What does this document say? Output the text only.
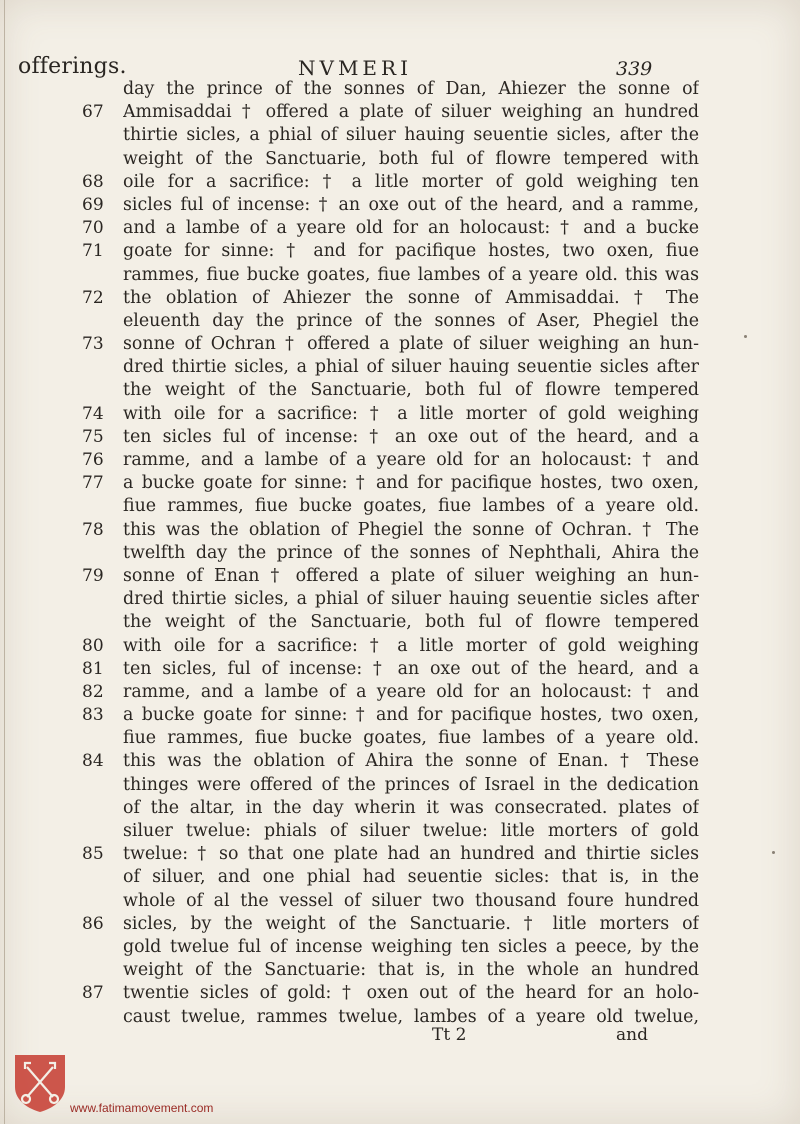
offerings.	NVMERI	339
day the prince of the sonnes of Dan, Ahiezer the sonne of
67	Ammisaddai † offered a plate of siluer weighing an hundred
thirtie sicles, a phial of siluer hauing seuentie sicles, after the
weight of the Sanctuarie, both ful of flowre tempered with
68	oile for a sacrifice: † a litle morter of gold weighing ten
69	sicles ful of incense: † an oxe out of the heard, and a ramme,
70	and a lambe of a yeare old for an holocaust: † and a bucke
71	goate for sinne: † and for pacifique hostes, two oxen, fiue
rammes, fiue bucke goates, fiue lambes of a yeare old. this was
72	the oblation of Ahiezer the sonne of Ammisaddai. † The
eleuenth day the prince of the sonnes of Aser, Phegiel the
73	sonne of Ochran † offered a plate of siluer weighing an hun-
dred thirtie sicles, a phial of siluer hauing seuentie sicles after
the weight of the Sanctuarie, both ful of flowre tempered
74	with oile for a sacrifice: † a litle morter of gold weighing
75	ten sicles ful of incense: † an oxe out of the heard, and a
76	ramme, and a lambe of a yeare old for an holocaust: † and
77	a bucke goate for sinne: † and for pacifique hostes, two oxen,
fiue rammes, fiue bucke goates, fiue lambes of a yeare old.
78	this was the oblation of Phegiel the sonne of Ochran. † The
twelfth day the prince of the sonnes of Nephthali, Ahira the
79	sonne of Enan † offered a plate of siluer weighing an hun-
dred thirtie sicles, a phial of siluer hauing seuentie sicles after
the weight of the Sanctuarie, both ful of flowre tempered
80	with oile for a sacrifice: † a litle morter of gold weighing
81	ten sicles, ful of incense: † an oxe out of the heard, and a
82	ramme, and a lambe of a yeare old for an holocaust: † and
83	a bucke goate for sinne: † and for pacifique hostes, two oxen,
fiue rammes, fiue bucke goates, fiue lambes of a yeare old.
84	this was the oblation of Ahira the sonne of Enan. † These
thinges were offered of the princes of Israel in the dedication
of the altar, in the day wherin it was consecrated. plates of
siluer twelue: phials of siluer twelue: litle morters of gold
85	twelue: † so that one plate had an hundred and thirtie sicles
of siluer, and one phial had seuentie sicles: that is, in the
whole of al the vessel of siluer two thousand foure hundred
86	sicles, by the weight of the Sanctuarie. † litle morters of
gold twelue ful of incense weighing ten sicles a peece, by the
weight of the Sanctuarie: that is, in the whole an hundred
87	twentie sicles of gold: † oxen out of the heard for an holo-
caust twelue, rammes twelue, lambes of a yeare old twelue,
Tt 2	and
www.fatimamovement.com
